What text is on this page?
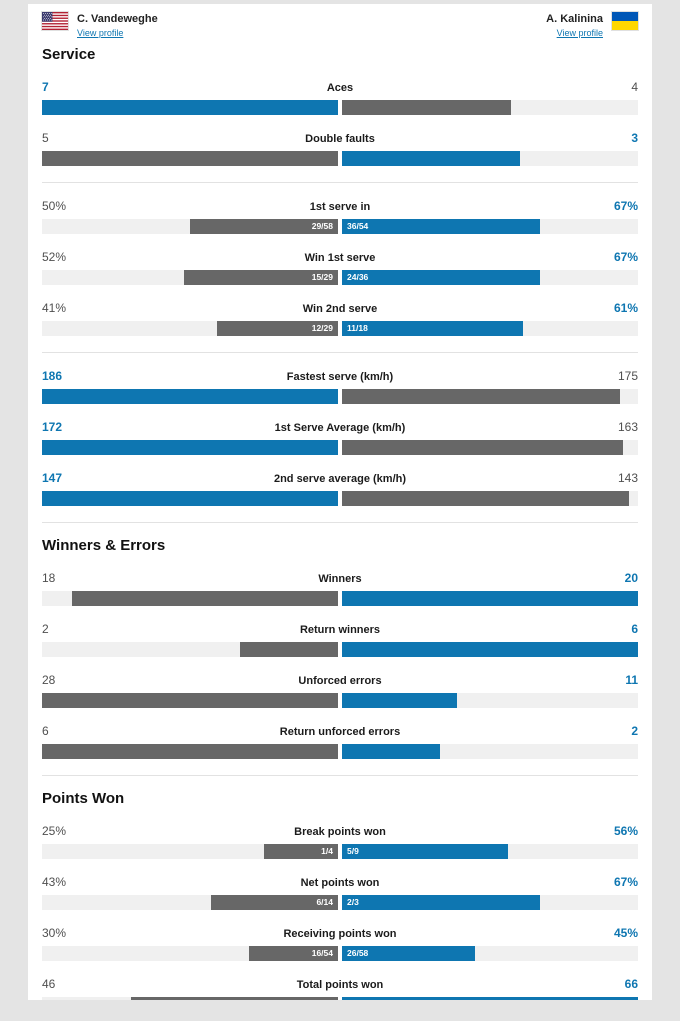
C. Vandeweghe
View profile
A. Kalinina
View profile
Service
7	Aces	4
5	Double faults	3
50%	1st serve in	67%
29/58 36/54
52%	Win 1st serve	67%
15/29 24/36
41%	Win 2nd serve	61%
12/29 11/18
186	Fastest serve (km/h)	175
172	1st Serve Average (km/h)	163
147	2nd serve average (km/h)	143
Winners & Errors
18	Winners	20
2	Return winners	6
28	Unforced errors	11
6	Return unforced errors	2
Points Won
25%	Break points won	56%
1/4 5/9
43%	Net points won	67%
6/14 2/3
30%	Receiving points won	45%
16/54 26/58
46	Total points won	66
